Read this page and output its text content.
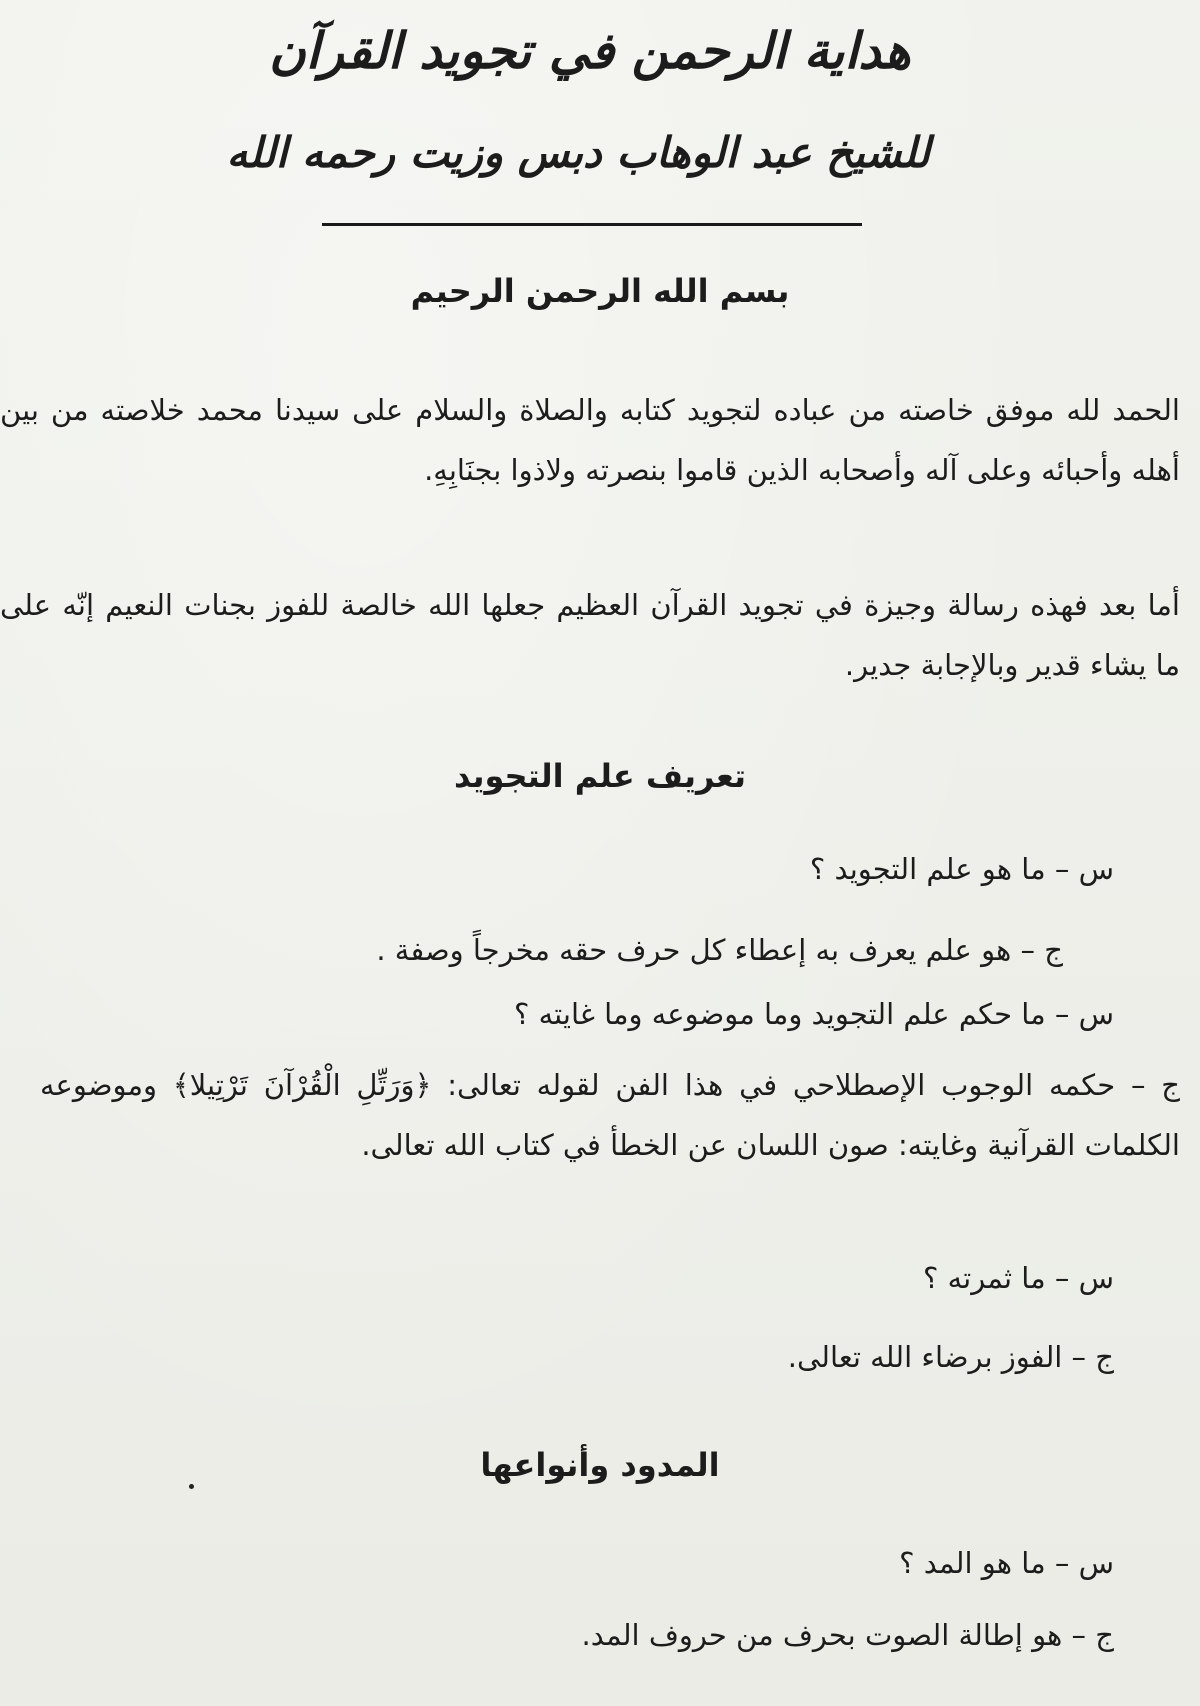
هداية الرحمن في تجويد القرآن
للشيخ عبد الوهاب دبس وزيت رحمه الله
بسم الله الرحمن الرحيم
الحمد لله موفق خاصته من عباده لتجويد كتابه والصلاة والسلام على سيدنا محمد خلاصته من بين أهله وأحبائه وعلى آله وأصحابه الذين قاموا بنصرته ولاذوا بجنَابِهِ.
أما بعد فهذه رسالة وجيزة في تجويد القرآن العظيم جعلها الله خالصة للفوز بجنات النعيم إنّه على ما يشاء قدير وبالإجابة جدير.
تعريف علم التجويد
س – ما هو علم التجويد ؟
ج – هو علم يعرف به إعطاء كل حرف حقه مخرجاً وصفة .
س – ما حكم علم التجويد وما موضوعه وما غايته ؟
ج – حكمه الوجوب الإصطلاحي في هذا الفن لقوله تعالى: ﴿وَرَتِّلِ الْقُرْآنَ تَرْتِيلا﴾ وموضوعه الكلمات القرآنية وغايته: صون اللسان عن الخطأ في كتاب الله تعالى.
س – ما ثمرته ؟
ج – الفوز برضاء الله تعالى.
المدود وأنواعها
س – ما هو المد ؟
ج – هو إطالة الصوت بحرف من حروف المد.
